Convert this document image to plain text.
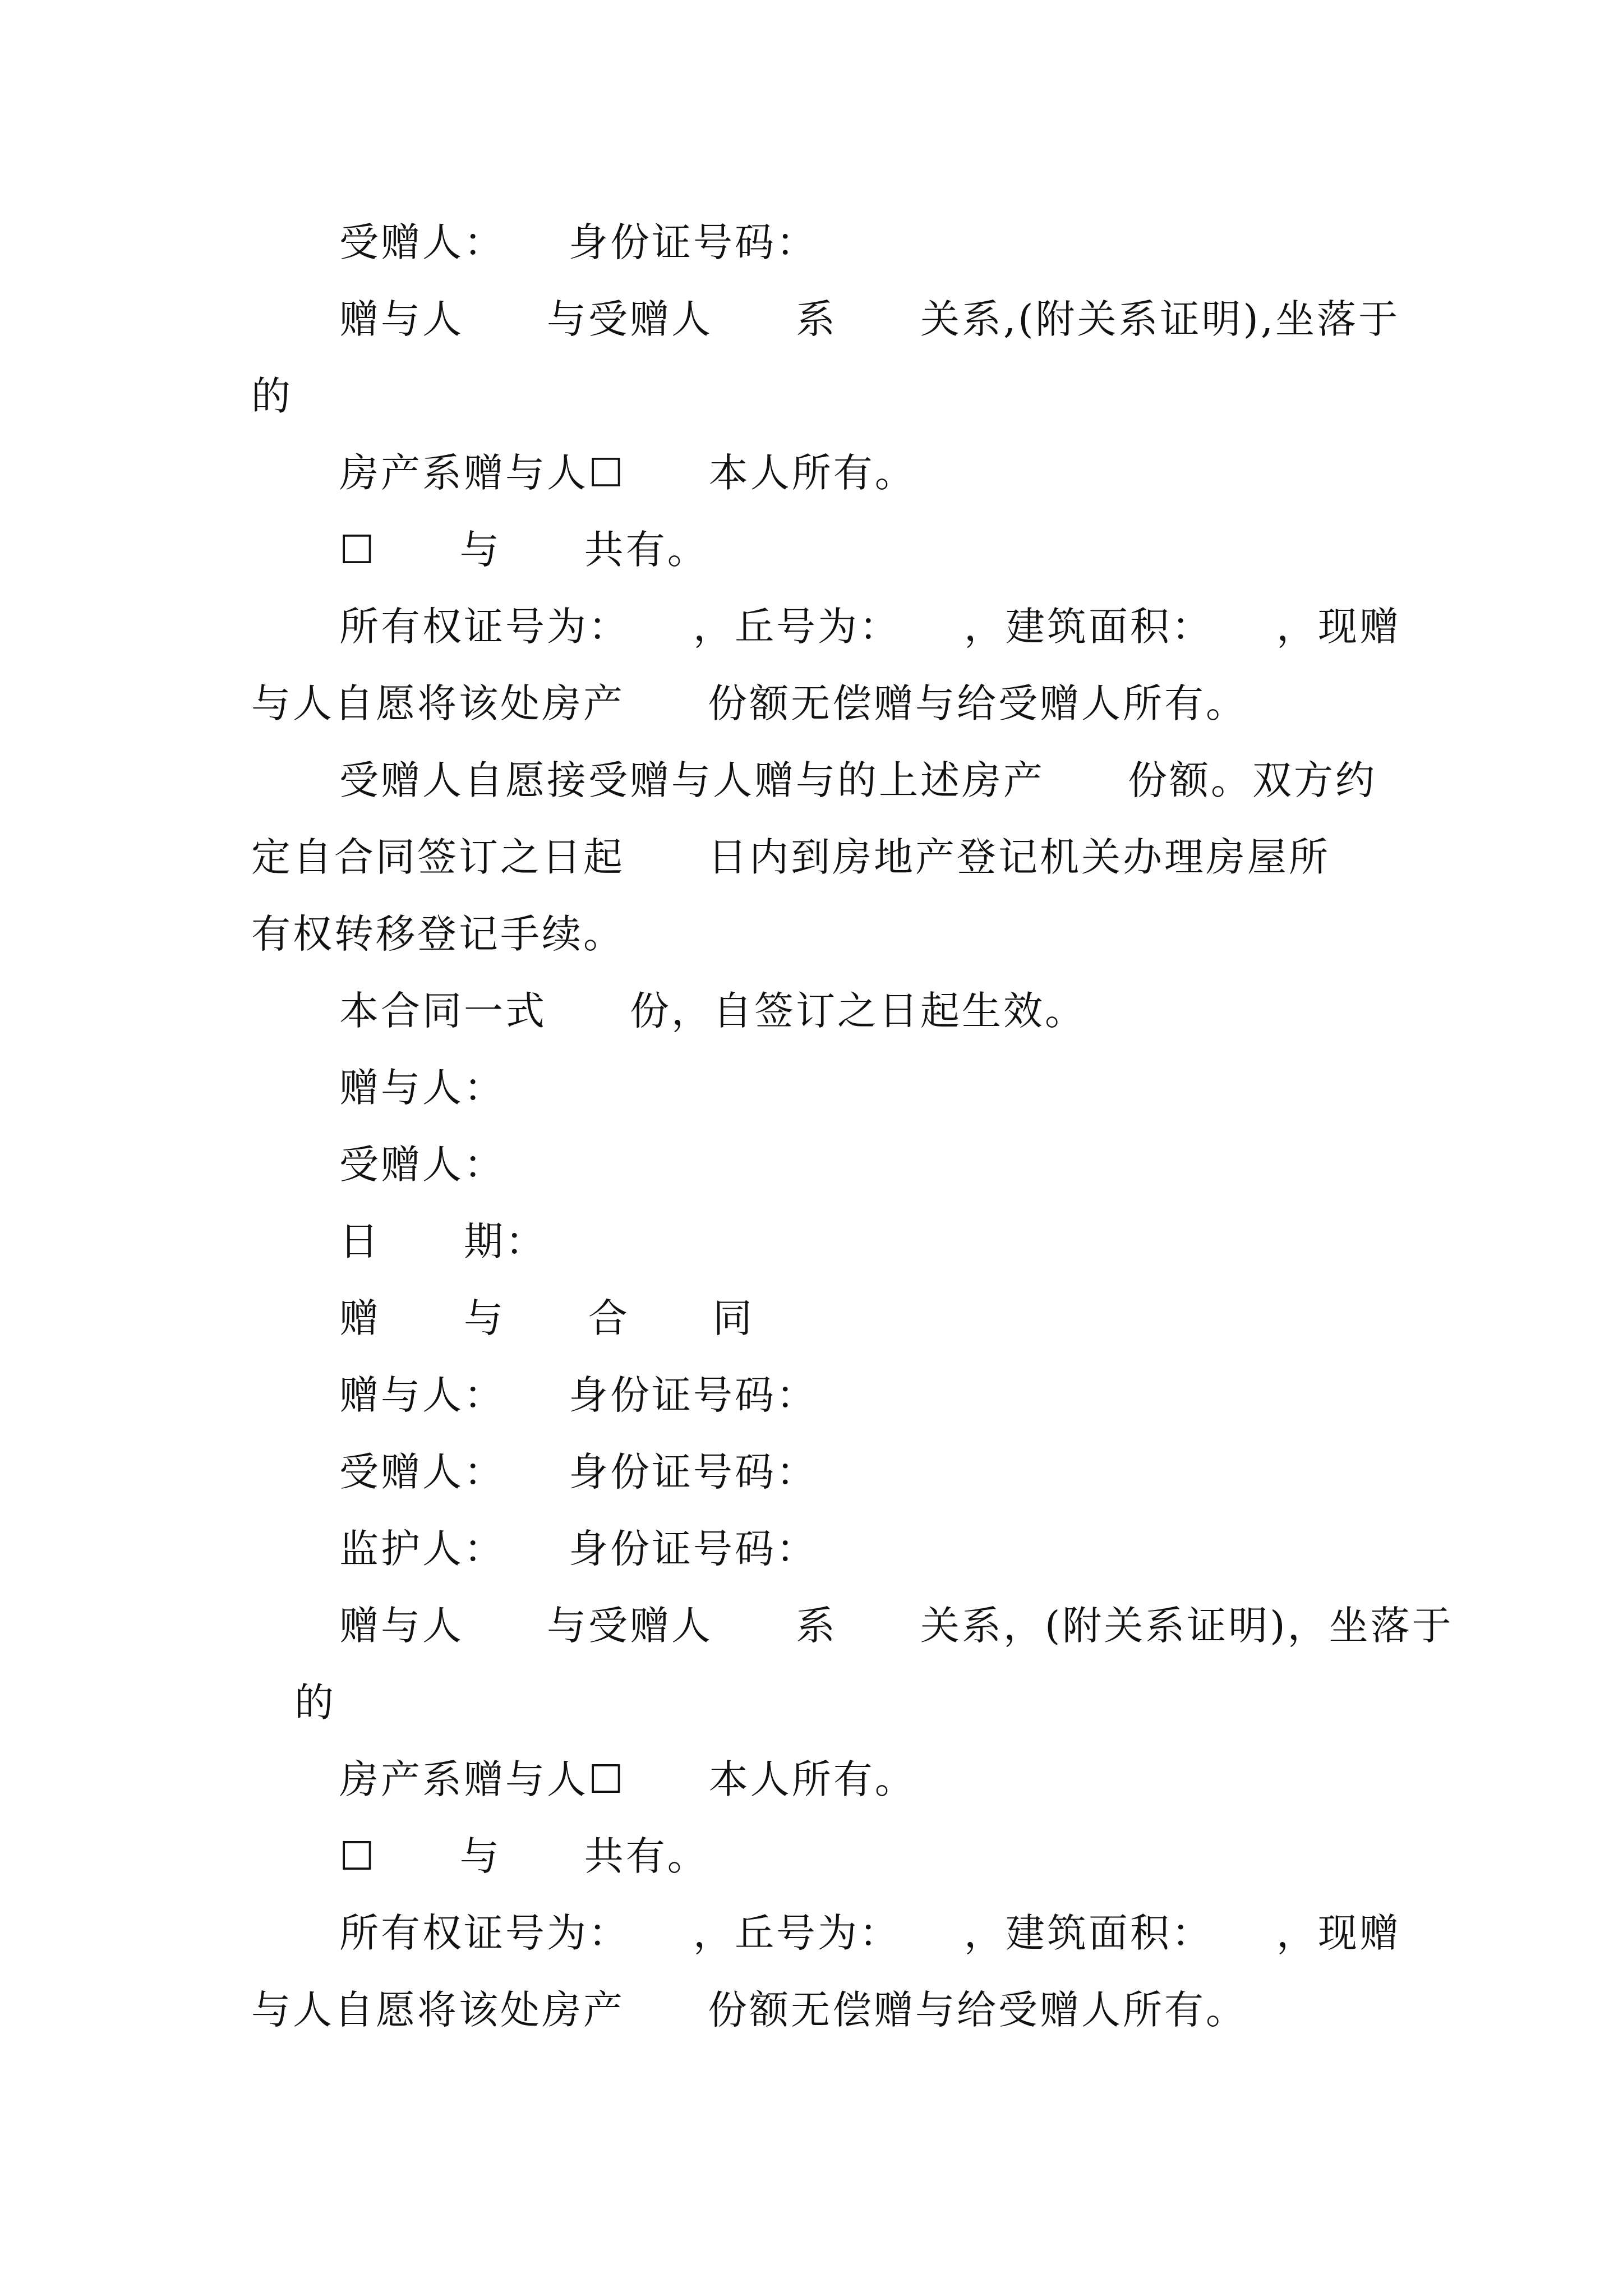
受赠人：　　身份证号码：
赠与人　　与受赠人　　系　　关系,(附关系证明),坐落于
的
房产系赠与人☐　　本人所有。
☐　　与　　共有。
所有权证号为：　　，丘号为：　　，建筑面积：　　，现赠
与人自愿将该处房产　　份额无偿赠与给受赠人所有。
受赠人自愿接受赠与人赠与的上述房产　　份额。双方约
定自合同签订之日起　　日内到房地产登记机关办理房屋所
有权转移登记手续。
本合同一式　　份，自签订之日起生效。
赠与人：
受赠人：
日　　期：
赠　　与　　合　　同
赠与人：　　身份证号码：
受赠人：　　身份证号码：
监护人：　　身份证号码：
赠与人　　与受赠人　　系　　关系，(附关系证明)，坐落于
的
房产系赠与人☐　　本人所有。
☐　　与　　共有。
所有权证号为：　　，丘号为：　　，建筑面积：　　，现赠
与人自愿将该处房产　　份额无偿赠与给受赠人所有。
